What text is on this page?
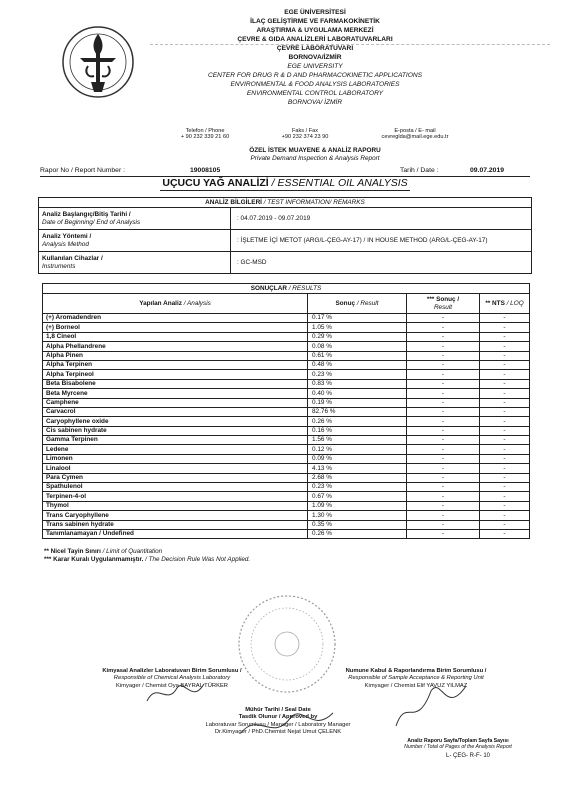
EGE ÜNİVERSİTESİ
İLAÇ GELİŞTİRME VE FARMAKOKİNETİK
ARAŞTIRMA & UYGULAMA MERKEZİ
ÇEVRE & GIDA ANALİZLERİ LABORATUVARLARI
ÇEVRE LABORATUVARI
BORNOVA/İZMİR
EGE UNIVERSITY
CENTER FOR DRUG R & D AND PHARMACOKINETIC APPLICATIONS
ENVIRONMENTAL & FOOD ANALYSIS LABORATORIES
ENVIRONMENTAL CONTROL LABORATORY
BORNOVA/ İZMİR
Telefon / Phone
+ 90 232 339 21 60
Faks / Fax
+90 232 374 23 90
E-posta / E- mail
cevreglda@mail.ege.edu.tr
ÖZEL İSTEK MUAYENE & ANALİZ RAPORU
Private Demand Inspection & Analysis Report
Rapor No / Report Number :	19008105	Tarih / Date :	09.07.2019
UÇUCU YAĞ ANALİZİ / ESSENTIAL OIL ANALYSIS
ANALİZ BİLGİLERİ / TEST INFORMATION/ REMARKS	

Analiz Başlangıç/Bitiş Tarihi /
Date of Beginning/ End of Analysis	: 04.07.2019 - 09.07.2019

Analiz Yöntemi /
Analysis Method	: İŞLETME İÇİ METOT (ARG/L-ÇEG-AY-17) / IN HOUSE METHOD (ARG/L-ÇEG-AY-17)

Kullanılan Cihazlar /
Instruments	: GC-MSD
SONUÇLAR / RESULTS			
Yapılan Analiz / Analysis	Sonuç / Result	*** Sonuç /
Result	** NTS / LOQ
(+) Aromadendren	0.17 %	-	-
(+) Borneol	1.05 %	-	-
1,8 Cineol	0.29 %	-	-
Alpha Phellandrene	0.08 %	-	-
Alpha Pinen	0.61 %	-	-
Alpha Terpinen	0.48 %	-	-
Alpha Terpineol	0.23 %	-	-
Beta Bisabolene	0.83 %	-	-
Beta Myrcene	0.40 %	-	-
Camphene	0.19 %	-	-
Carvacrol	82.76 %	-	-
Caryophyllene oxide	0.26 %	-	-
Cis sabinen hydrate	0.16 %	-	-
Gamma Terpinen	1.56 %	-	-
Ledene	0.12 %	-	-
Limonen	0.09 %	-	-
Linalool	4.13 %	-	-
Para Cymen	2.68 %	-	-
Spathulenol	0.23 %	-	-
Terpinen-4-ol	0.67 %	-	-
Thymol	1.09 %	-	-
Trans Caryophyllene	1.30 %	-	-
Trans sabinen hydrate	0.35 %	-	-
Tanımlanamayan / Undefined	0.26 %	-	-
** Nicel Tayin Sınırı / Limit of Quantitation
*** Karar Kuralı Uygulanmamıştır. / The Decision Rule Was Not Applied.
Kimyasal Analizler Laboratuvarı Birim Sorumlusu /
Responsible of Chemical Analysis Laboratory
Kimyager / Chemist Oya BAYRAL TÜRKER
Numune Kabul & Raporlandırma Birim Sorumlusu /
Responsible of Sample Acceptance & Reporting Unit
Kimyager / Chemist Elif YAVUZ YILMAZ
Mühür Tarihi / Seal Date
Tasdik Olunur / Approved by
Laboratuvar Sorumlusu / Manager / Laboratory Manager
Dr.Kimyager / PhD.Chemist Nejat Umut ÇELENK
Analiz Raporu Sayfa/Toplam Sayfa Sayısı
Number / Total of Pages of the Analysis Report
L- ÇEG- R-F- 10
